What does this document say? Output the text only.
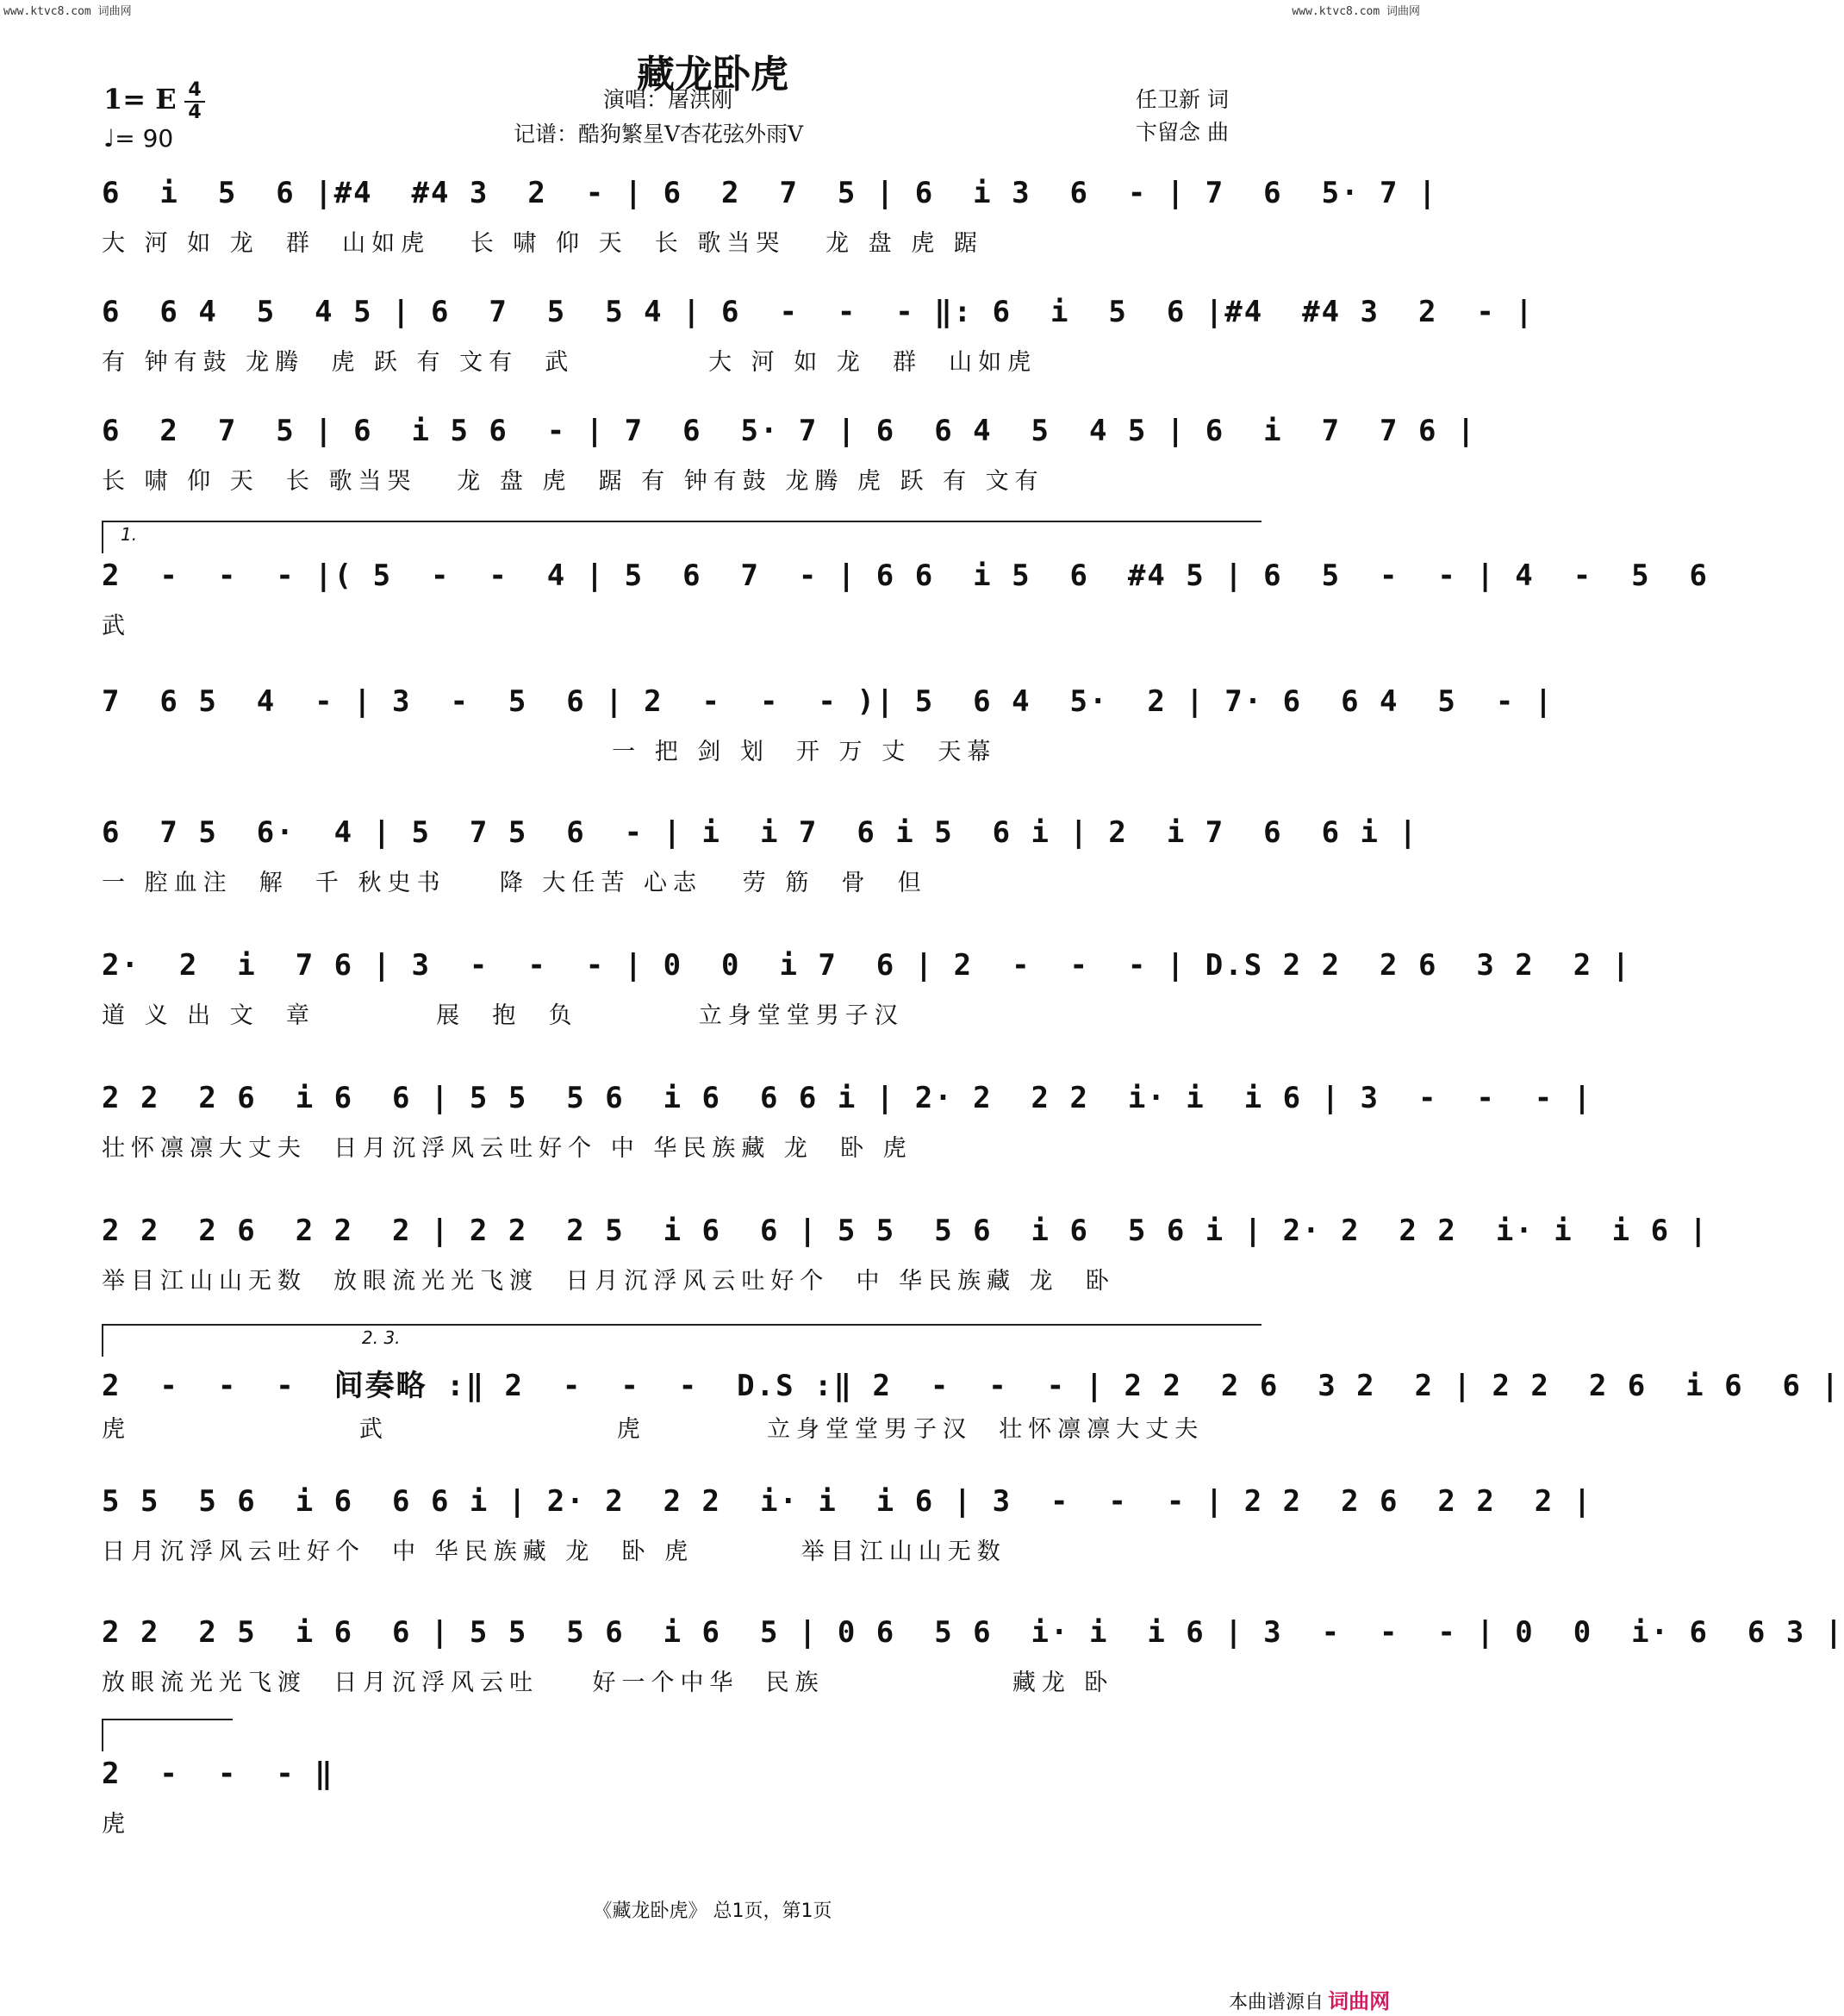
www.ktvc8.com 词曲网	www.ktvc8.com 词曲网
藏龙卧虎
演唱：屠洪刚
记谱：酷狗繁星V杏花弦外雨V
任卫新 词
卞留念 曲
1= E 4
4
♩= 90
6  i  5  6 |#4  #4 3  2  - | 6  2  7  5 | 6  i 3  6  - | 7  6  5· 7 |
大 河 如 龙  群  山如虎   长 啸 仰 天  长 歌当哭   龙 盘 虎 踞
6  6 4  5  4 5 | 6  7  5  5 4 | 6  -  -  - ‖: 6  i  5  6 |#4  #4 3  2  - |
有 钟有鼓 龙腾  虎 跃 有 文有  武          大 河 如 龙  群  山如虎
6  2  7  5 | 6  i 5 6  - | 7  6  5· 7 | 6  6 4  5  4 5 | 6  i  7  7 6 |
长 啸 仰 天  长 歌当哭   龙 盘 虎  踞 有 钟有鼓 龙腾 虎 跃 有 文有
1.
2  -  -  - |( 5  -  -  4 | 5  6  7  - | 6 6  i 5  6  #4 5 | 6  5  -  - | 4  -  5  6
武
7  6 5  4  - | 3  -  5  6 | 2  -  -  - )| 5  6 4  5·  2 | 7· 6  6 4  5  - |
一 把 剑 划  开 万 丈  天幕
6  7 5  6·  4 | 5  7 5  6  - | i  i 7  6 i 5  6 i | 2  i 7  6  6 i |
一 腔血注  解  千 秋史书    降 大任苦 心志   劳 筋  骨  但
2·  2  i  7 6 | 3  -  -  - | 0  0  i 7  6 | 2  -  -  - | D.S 2 2  2 6  3 2  2 |
道 义 出 文  章         展  抱  负         立身堂堂男子汉
2 2  2 6  i 6  6 | 5 5  5 6  i 6  6 6 i | 2· 2  2 2  i· i  i 6 | 3  -  -  - |
壮怀凛凛大丈夫  日月沉浮风云吐好个 中 华民族藏 龙  卧 虎
2 2  2 6  2 2  2 | 2 2  2 5  i 6  6 | 5 5  5 6  i 6  5 6 i | 2· 2  2 2  i· i  i 6 |
举目江山山无数  放眼流光光飞渡  日月沉浮风云吐好个  中 华民族藏 龙  卧
2. 3.
2  -  -  -  间奏略 :‖ 2  -  -  -  D.S :‖ 2  -  -  - | 2 2  2 6  3 2  2 | 2 2  2 6  i 6  6 |
虎                 武                 虎         立身堂堂男子汉  壮怀凛凛大丈夫
5 5  5 6  i 6  6 6 i | 2· 2  2 2  i· i  i 6 | 3  -  -  - | 2 2  2 6  2 2  2 |
日月沉浮风云吐好个  中 华民族藏 龙  卧 虎        举目江山山无数
2 2  2 5  i 6  6 | 5 5  5 6  i 6  5 | 0 6  5 6  i· i  i 6 | 3  -  -  - | 0  0  i· 6  6 3 |
放眼流光光飞渡  日月沉浮风云吐    好一个中华  民族              藏龙 卧
2  -  -  - ‖
虎
《藏龙卧虎》 总1页，第1页
本曲谱源自 词曲网
